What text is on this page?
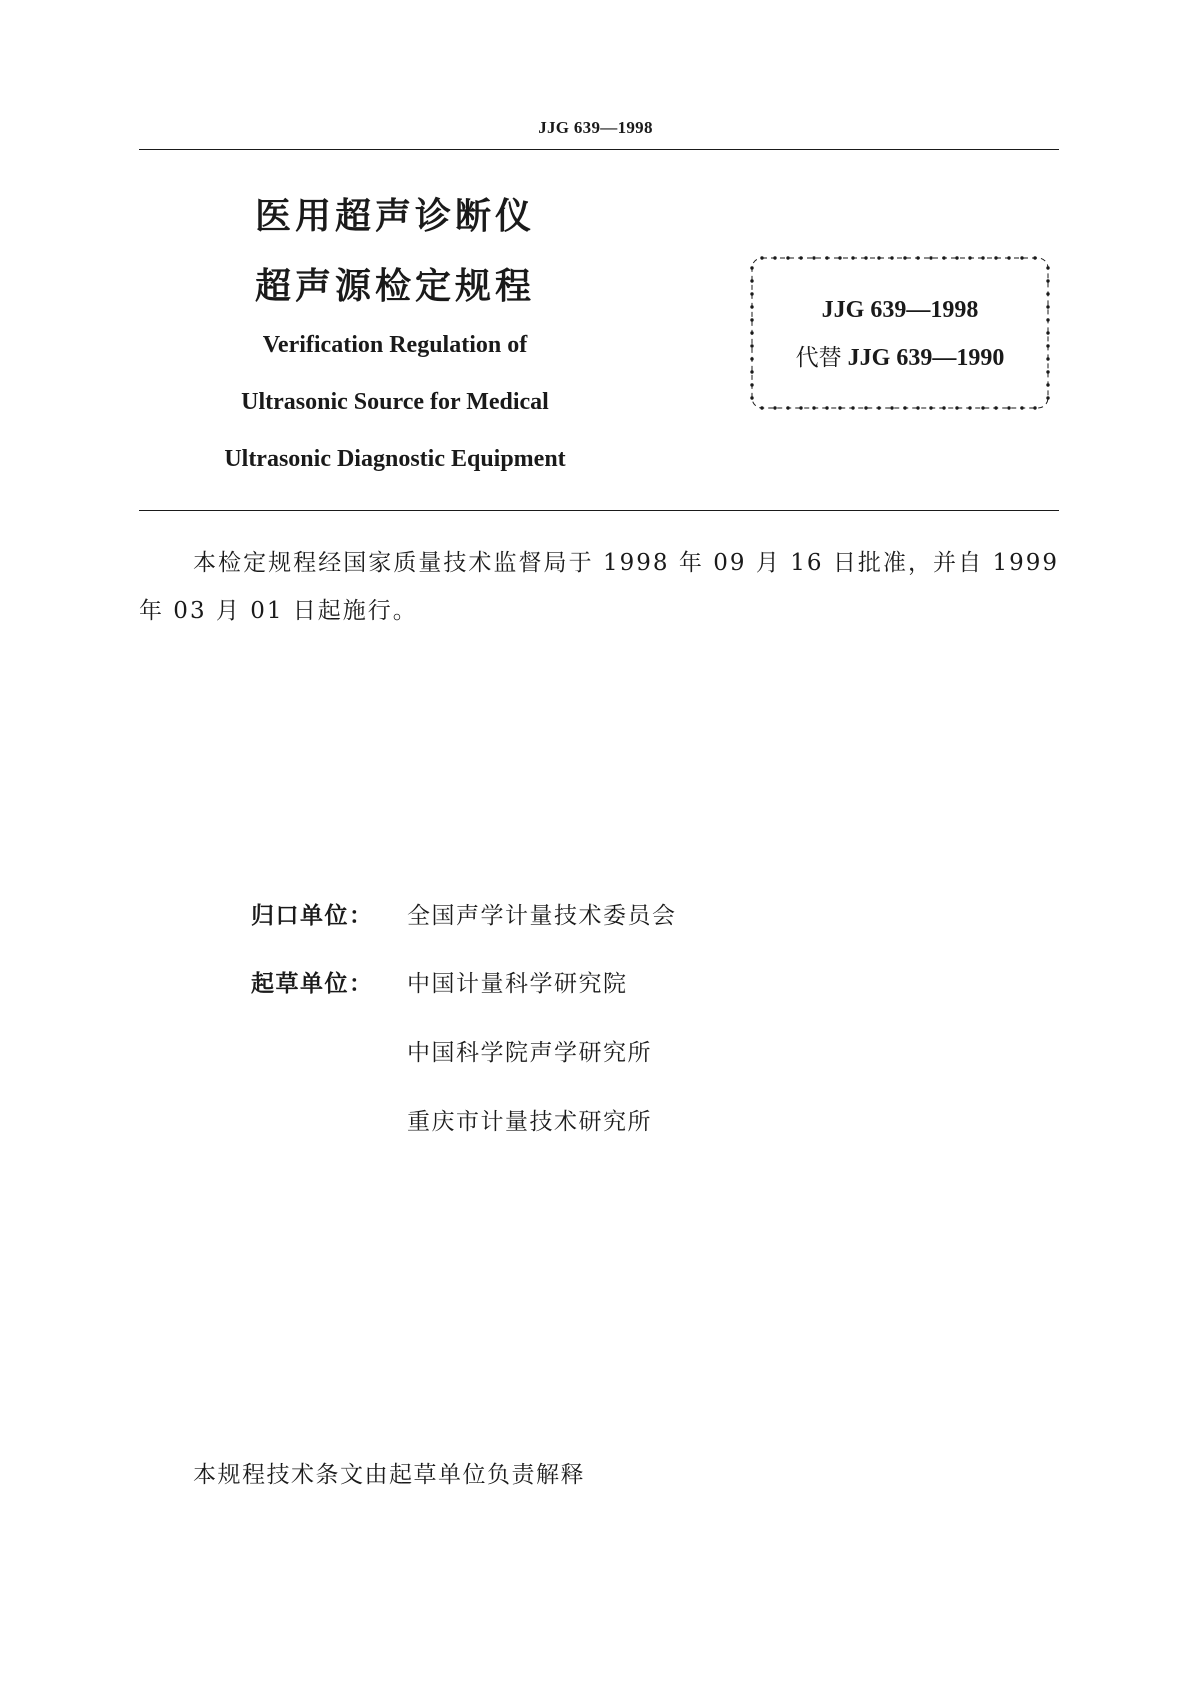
JJG 639—1998
医用超声诊断仪
超声源检定规程
Verification Regulation of
Ultrasonic Source for Medical
Ultrasonic Diagnostic Equipment
JJG 639—1998
代替 JJG 639—1990
本检定规程经国家质量技术监督局于 1998 年 09 月 16 日批准，并自 1999 年 03 月 01 日起施行。
归口单位： 全国声学计量技术委员会
起草单位： 中国计量科学研究院
中国科学院声学研究所
重庆市计量技术研究所
本规程技术条文由起草单位负责解释
